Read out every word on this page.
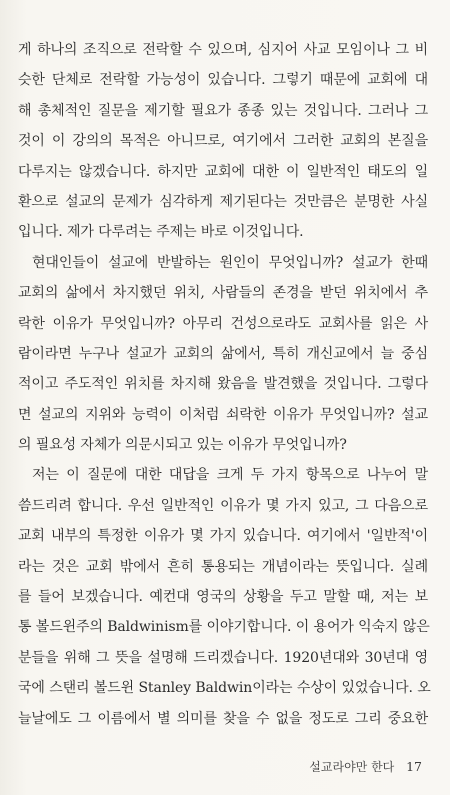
게 하나의 조직으로 전락할 수 있으며, 심지어 사교 모임이나 그 비
슷한 단체로 전락할 가능성이 있습니다. 그렇기 때문에 교회에 대
해 총체적인 질문을 제기할 필요가 종종 있는 것입니다. 그러나 그
것이 이 강의의 목적은 아니므로, 여기에서 그러한 교회의 본질을
다루지는 않겠습니다. 하지만 교회에 대한 이 일반적인 태도의 일
환으로 설교의 문제가 심각하게 제기된다는 것만큼은 분명한 사실
입니다. 제가 다루려는 주제는 바로 이것입니다.
현대인들이 설교에 반발하는 원인이 무엇입니까? 설교가 한때
교회의 삶에서 차지했던 위치, 사람들의 존경을 받던 위치에서 추
락한 이유가 무엇입니까? 아무리 건성으로라도 교회사를 읽은 사
람이라면 누구나 설교가 교회의 삶에서, 특히 개신교에서 늘 중심
적이고 주도적인 위치를 차지해 왔음을 발견했을 것입니다. 그렇다
면 설교의 지위와 능력이 이처럼 쇠락한 이유가 무엇입니까? 설교
의 필요성 자체가 의문시되고 있는 이유가 무엇입니까?
저는 이 질문에 대한 대답을 크게 두 가지 항목으로 나누어 말
씀드리려 합니다. 우선 일반적인 이유가 몇 가지 있고, 그 다음으로
교회 내부의 특정한 이유가 몇 가지 있습니다. 여기에서 '일반적'이
라는 것은 교회 밖에서 흔히 통용되는 개념이라는 뜻입니다. 실례
를 들어 보겠습니다. 예컨대 영국의 상황을 두고 말할 때, 저는 보
통 볼드윈주의 Baldwinism를 이야기합니다. 이 용어가 익숙지 않은
분들을 위해 그 뜻을 설명해 드리겠습니다. 1920년대와 30년대 영
국에 스탠리 볼드윈 Stanley Baldwin이라는 수상이 있었습니다. 오
늘날에도 그 이름에서 별 의미를 찾을 수 없을 정도로 그리 중요한
설교라야만 한다 17
